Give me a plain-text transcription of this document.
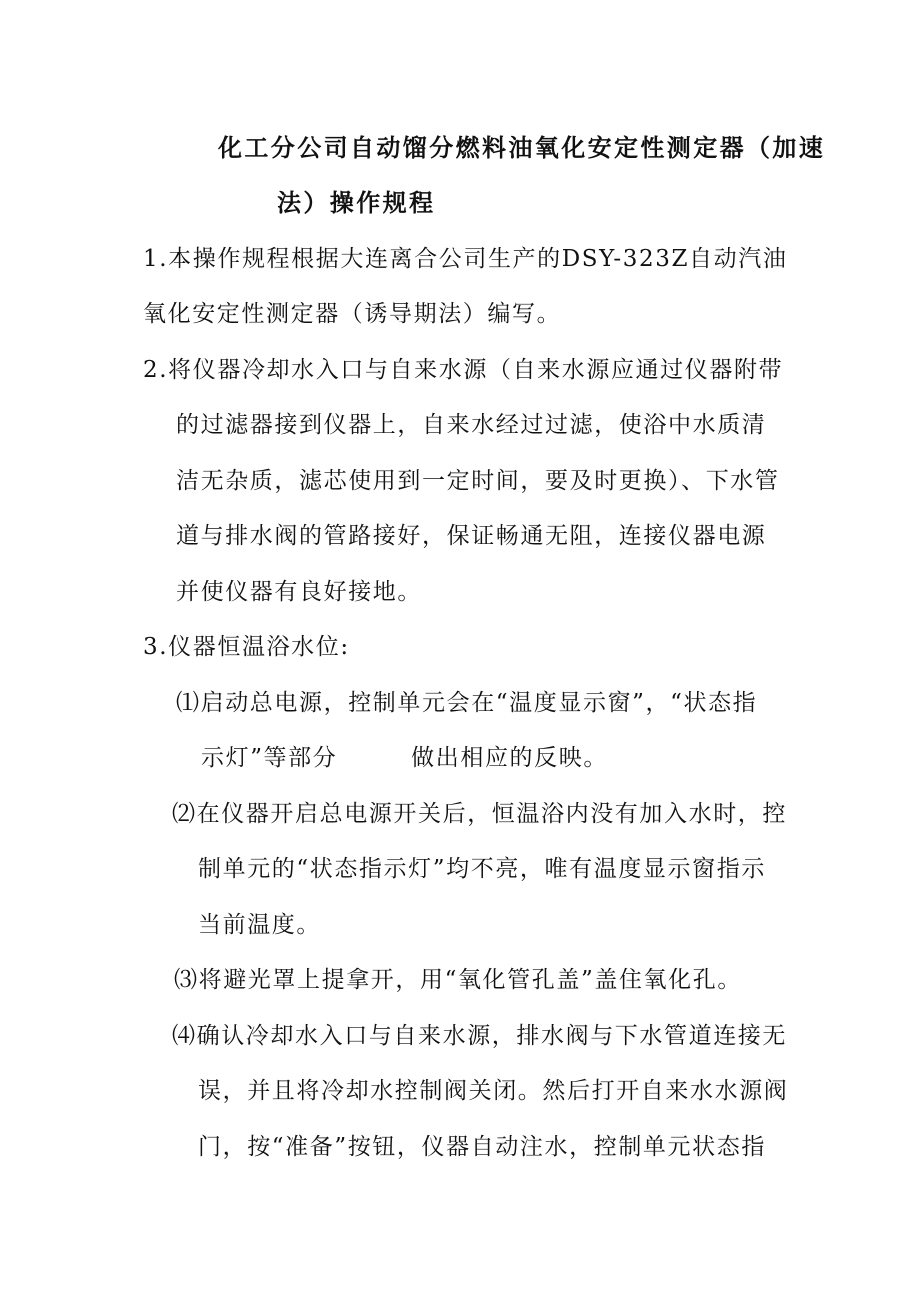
化工分公司自动馏分燃料油氧化安定性测定器（加速
法）操作规程
1.本操作规程根据大连离合公司生产的DSY-323Z自动汽油
氧化安定性测定器（诱导期法）编写。
2.将仪器冷却水入口与自来水源（自来水源应通过仪器附带
的过滤器接到仪器上，自来水经过过滤，使浴中水质清
洁无杂质，滤芯使用到一定时间，要及时更换）、下水管
道与排水阀的管路接好，保证畅通无阻，连接仪器电源
并使仪器有良好接地。
3.仪器恒温浴水位:
⑴启动总电源，控制单元会在“温度显示窗”，“状态指
示灯”等部分　　　做出相应的反映。
⑵在仪器开启总电源开关后，恒温浴内没有加入水时，控
制单元的“状态指示灯”均不亮，唯有温度显示窗指示
当前温度。
⑶将避光罩上提拿开，用“氧化管孔盖”盖住氧化孔。
⑷确认冷却水入口与自来水源，排水阀与下水管道连接无
误，并且将冷却水控制阀关闭。然后打开自来水水源阀
门，按“准备”按钮，仪器自动注水，控制单元状态指
